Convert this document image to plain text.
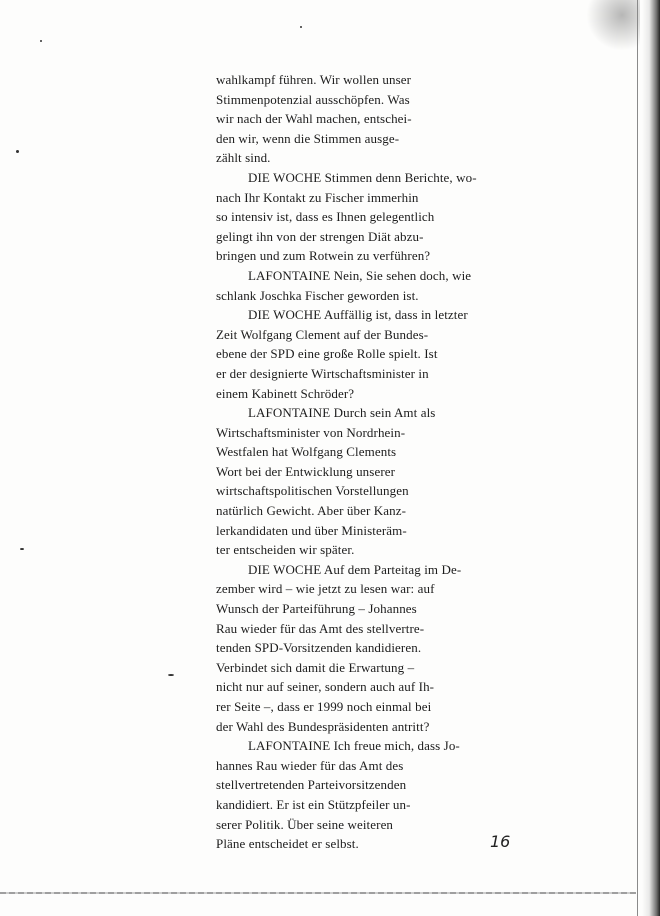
wahlkampf führen. Wir wollen unser
Stimmenpotenzial ausschöpfen. Was
wir nach der Wahl machen, entschei-
den wir, wenn die Stimmen ausge-
zählt sind.
DIE WOCHE Stimmen denn Berichte, wo-
nach Ihr Kontakt zu Fischer immerhin
so intensiv ist, dass es Ihnen gelegentlich
gelingt ihn von der strengen Diät abzu-
bringen und zum Rotwein zu verführen?
LAFONTAINE Nein, Sie sehen doch, wie
schlank Joschka Fischer geworden ist.
DIE WOCHE Auffällig ist, dass in letzter
Zeit Wolfgang Clement auf der Bundes-
ebene der SPD eine große Rolle spielt. Ist
er der designierte Wirtschaftsminister in
einem Kabinett Schröder?
LAFONTAINE Durch sein Amt als
Wirtschaftsminister von Nordrhein-
Westfalen hat Wolfgang Clements
Wort bei der Entwicklung unserer
wirtschaftspolitischen Vorstellungen
natürlich Gewicht. Aber über Kanz-
lerkandidaten und über Ministeräm-
ter entscheiden wir später.
DIE WOCHE Auf dem Parteitag im De-
zember wird – wie jetzt zu lesen war: auf
Wunsch der Parteiführung – Johannes
Rau wieder für das Amt des stellvertre-
tenden SPD-Vorsitzenden kandidieren.
Verbindet sich damit die Erwartung –
nicht nur auf seiner, sondern auch auf Ih-
rer Seite –, dass er 1999 noch einmal bei
der Wahl des Bundespräsidenten antritt?
LAFONTAINE Ich freue mich, dass Jo-
hannes Rau wieder für das Amt des
stellvertretenden Parteivorsitzenden
kandidiert. Er ist ein Stützpfeiler un-
serer Politik. Über seine weiteren
Pläne entscheidet er selbst.	16
